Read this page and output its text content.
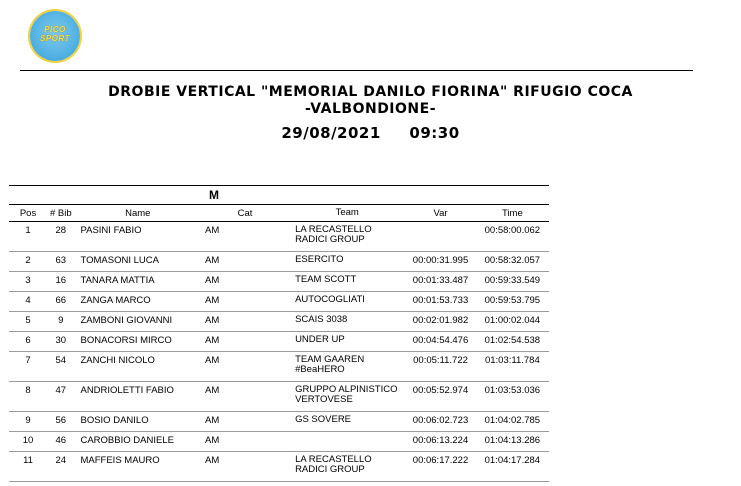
PICO
SPORT
DROBIE VERTICAL "MEMORIAL DANILO FIORINA" RIFUGIO COCA
-VALBONDIONE-
29/08/2021     09:30
M						
Pos	# Bib	Name	Cat	Team	Var	Time
1	28	PASINI FABIO	AM	LA RECASTELLO RADICI GROUP		00:58:00.062
2	63	TOMASONI LUCA	AM	ESERCITO	00:00:31.995	00:58:32.057
3	16	TANARA MATTIA	AM	TEAM SCOTT	00:01:33.487	00:59:33.549
4	66	ZANGA MARCO	AM	AUTOCOGLIATI	00:01:53.733	00:59:53.795
5	9	ZAMBONI GIOVANNI	AM	SCAIS 3038	00:02:01.982	01:00:02.044
6	30	BONACORSI MIRCO	AM	UNDER UP	00:04:54.476	01:02:54.538
7	54	ZANCHI NICOLO	AM	TEAM GAAREN #BeaHERO	00:05:11.722	01:03:11.784
8	47	ANDRIOLETTI FABIO	AM	GRUPPO ALPINISTICO VERTOVESE	00:05:52.974	01:03:53.036
9	56	BOSIO DANILO	AM	GS SOVERE	00:06:02.723	01:04:02.785
10	46	CAROBBIO DANIELE	AM		00:06:13.224	01:04:13.286
11	24	MAFFEIS MAURO	AM	LA RECASTELLO RADICI GROUP	00:06:17.222	01:04:17.284
